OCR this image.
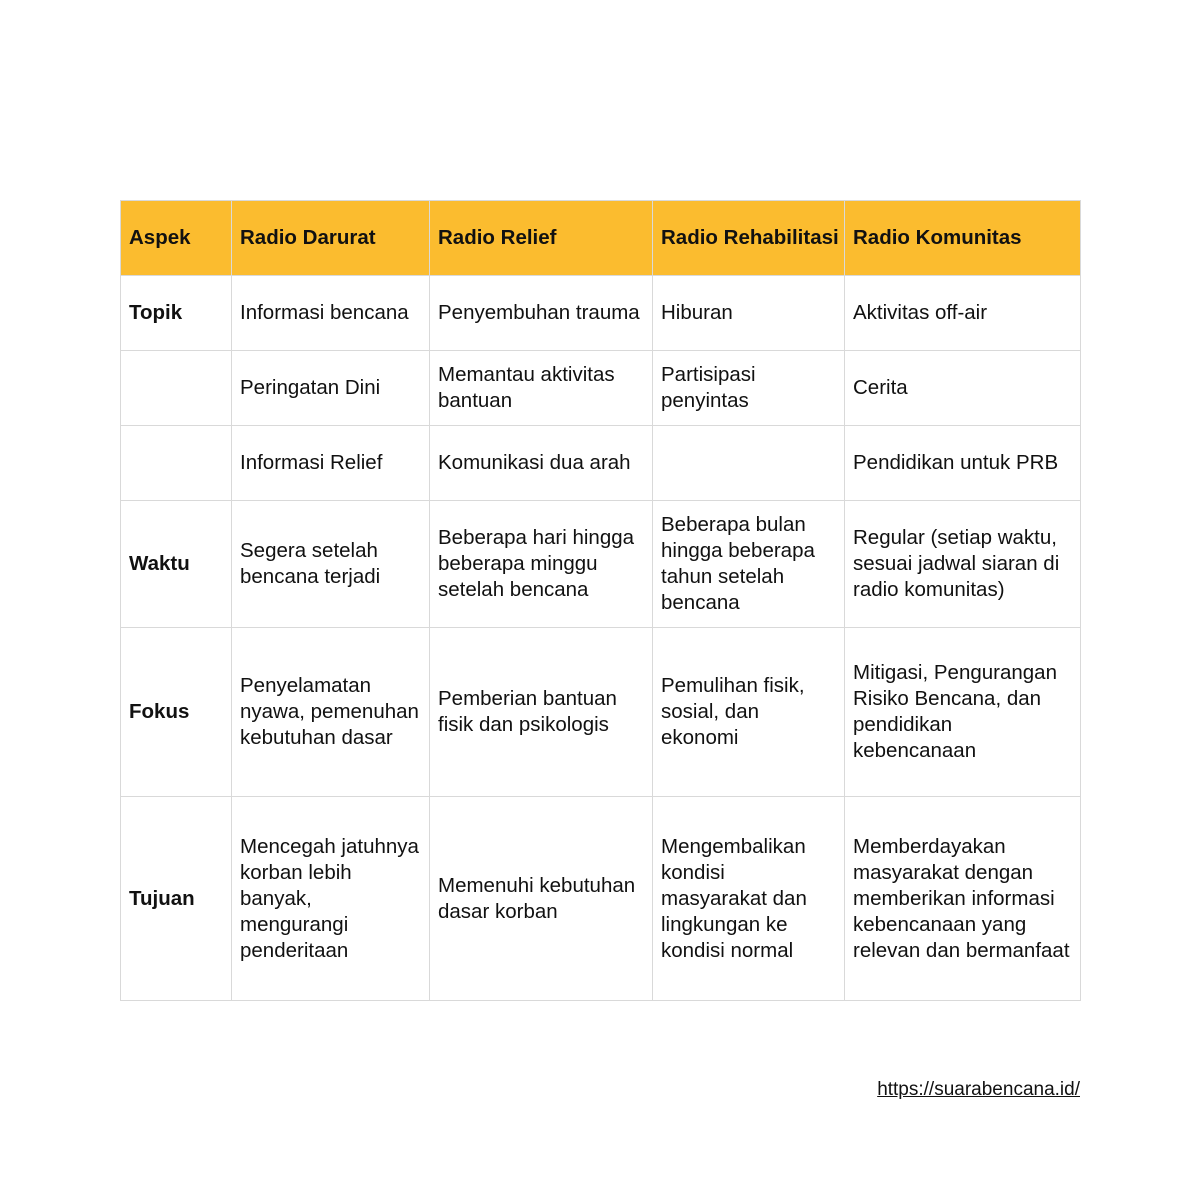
Aspek	Radio Darurat	Radio Relief	Radio Rehabilitasi	Radio Komunitas
Topik	Informasi bencana	Penyembuhan trauma	Hiburan	Aktivitas off-air
	Peringatan Dini	Memantau aktivitas bantuan	Partisipasi penyintas	Cerita
	Informasi Relief	Komunikasi dua arah		Pendidikan untuk PRB
Waktu	Segera setelah bencana terjadi	Beberapa hari hingga beberapa minggu setelah bencana	Beberapa bulan hingga beberapa tahun setelah bencana	Regular (setiap waktu, sesuai jadwal siaran di radio komunitas)
Fokus	Penyelamatan nyawa, pemenuhan kebutuhan dasar	Pemberian bantuan fisik dan psikologis	Pemulihan fisik, sosial, dan ekonomi	Mitigasi, Pengurangan Risiko Bencana, dan pendidikan kebencanaan
Tujuan	Mencegah jatuhnya korban lebih banyak, mengurangi penderitaan	Memenuhi kebutuhan dasar korban	Mengembalikan kondisi masyarakat dan lingkungan ke kondisi normal	Memberdayakan masyarakat dengan memberikan informasi kebencanaan yang relevan dan bermanfaat
https://suarabencana.id/
